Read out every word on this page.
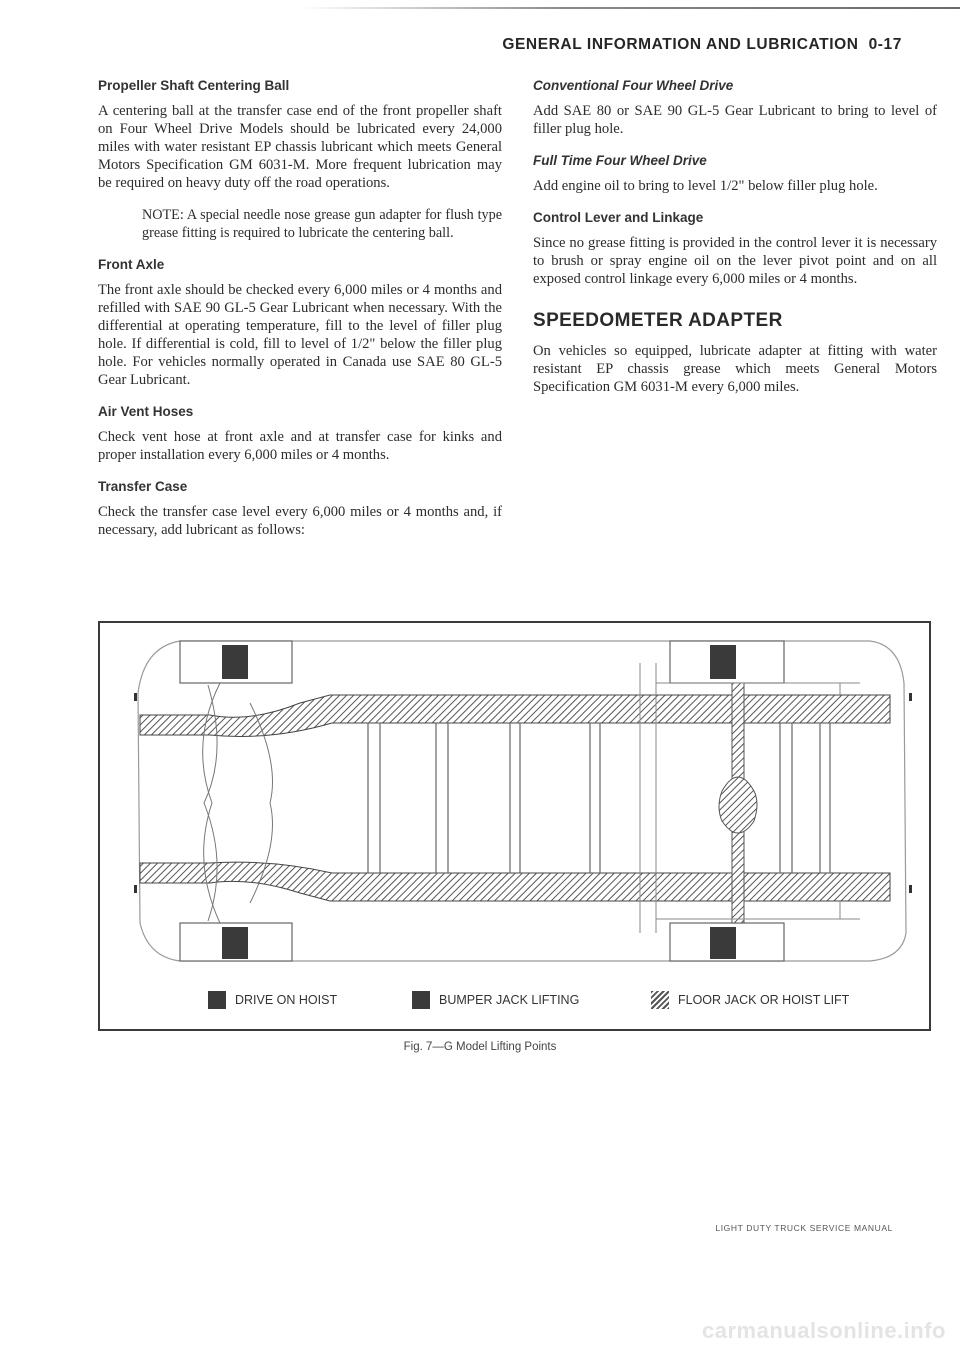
GENERAL INFORMATION AND LUBRICATION 0-17
Propeller Shaft Centering Ball

A centering ball at the transfer case end of the front propeller shaft on Four Wheel Drive Models should be lubricated every 24,000 miles with water resistant EP chassis lubricant which meets General Motors Specification GM 6031-M. More frequent lubrication may be required on heavy duty off the road operations.

NOTE: A special needle nose grease gun adapter for flush type grease fitting is required to lubricate the centering ball.

Front Axle

The front axle should be checked every 6,000 miles or 4 months and refilled with SAE 90 GL-5 Gear Lubricant when necessary. With the differential at operating temperature, fill to the level of filler plug hole. If differential is cold, fill to level of 1/2" below the filler plug hole. For vehicles normally operated in Canada use SAE 80 GL-5 Gear Lubricant.

Air Vent Hoses

Check vent hose at front axle and at transfer case for kinks and proper installation every 6,000 miles or 4 months.

Transfer Case

Check the transfer case level every 6,000 miles or 4 months and, if necessary, add lubricant as follows:

Conventional Four Wheel Drive

Add SAE 80 or SAE 90 GL-5 Gear Lubricant to bring to level of filler plug hole.

Full Time Four Wheel Drive

Add engine oil to bring to level 1/2" below filler plug hole.

Control Lever and Linkage

Since no grease fitting is provided in the control lever it is necessary to brush or spray engine oil on the lever pivot point and on all exposed control linkage every 6,000 miles or 4 months.

SPEEDOMETER ADAPTER

On vehicles so equipped, lubricate adapter at fitting with water resistant EP chassis grease which meets General Motors Specification GM 6031-M every 6,000 miles.

DRIVE ON HOIST	BUMPER JACK LIFTING	FLOOR JACK OR HOIST LIFT
Fig. 7—G Model Lifting Points
LIGHT DUTY TRUCK SERVICE MANUAL
carmanualsonline.info
